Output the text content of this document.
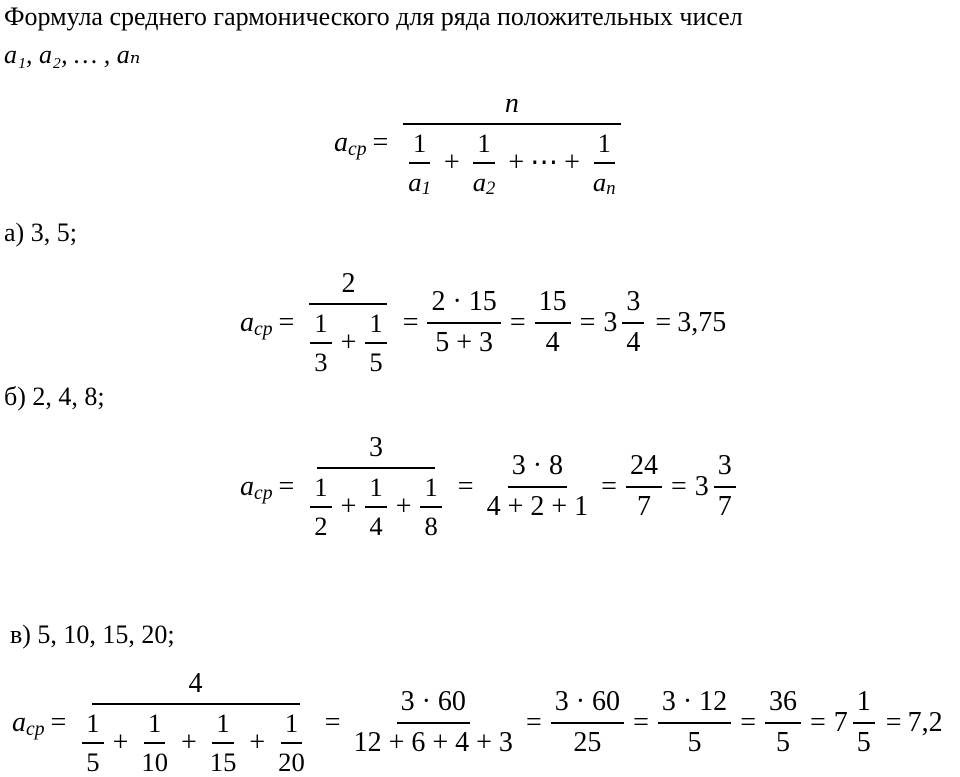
Формула среднего гармонического для ряда положительных чисел
a₁, a₂, … , aₙ
a ср =
n
$\frac{1}{a 1} + \frac{1}{a 2}$ + ⋯ + $\frac{1}{\text{a n}}$
а) 3, 5;
a ср = $\frac{2}{\frac{1}{3} + \frac{1}{5}} = \frac{2 \cdot 15}{5 + 3} = \frac{15}{4} = 3 \frac{3}{4} = 3,75$
б) 2, 4, 8;
a ср = $\frac{3}{\frac{1}{2} + \frac{1}{4} + \frac{1}{8}} = \frac{3 \cdot 8}{4 + 2 + 1} = \frac{24}{7} = 3 \frac{3}{7}$
в) 5, 10, 15, 20;
a ср = $\frac{4}{\frac{1}{5} + \frac{1}{10} + \frac{1}{15} + \frac{1}{20}} = \frac{3 \cdot 60}{12 + 6 + 4 + 3} = \frac{3 \cdot 60}{25} = \frac{3 \cdot 12}{5} = \frac{36}{5} = 7 \frac{1}{5} = 7,2$
